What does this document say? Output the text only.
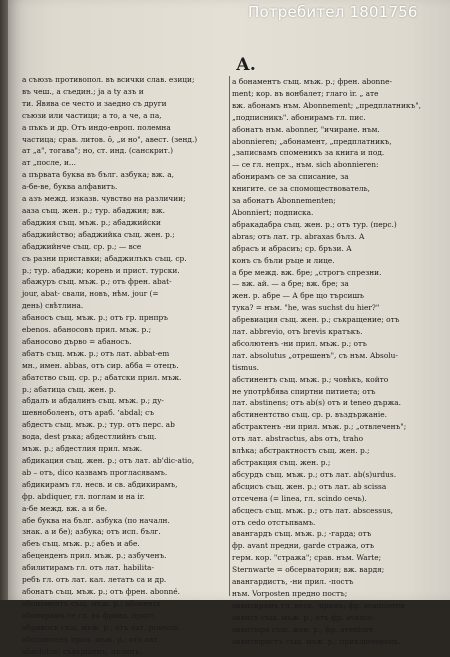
Потребител 1801756
А.
а съюзъ противопол. въ всички слав. езици;
въ чеш., а съедин.; ja а ty азъ и
ти. Явява се често и заедно съ други
съюзи или частици; а то, а че, а па,
а пъкъ и др. Отъ индо-европ. полемна
частица; срав. литов. ō, „и но", авест. (зенд.)
ат „а", тогава"; но, ст. инд. (санскрит.)
ат „после, и...
а първата буква въ бълг. азбука; вж. а,
а-бе-ве, буква алфавитъ.
а азъ межд. изказв. чувство на различии;
ааза същ. жен. р.; тур. абаджия; вж.
абаджия същ. мъж. р.; абаджийски
абаджийство; абаджийка същ. жен. р.;
абаджийнче същ. ср. р.; — все
съ разни приставки; абаджилъкъ същ. ср.
р.; тур. абаджи; корень и прист. турски.
абажуръ същ. мъж. р.; отъ френ. abat-
jour, abat- свали, новъ, нѣм. jour (=
день) свѣтлина.
абаносъ същ. мъж. р.; отъ гр. прнпръ
ebenos. абаносовъ прил. мъж. р.;
абаносово дърво = абаносъ.
абатъ същ. мъж. р.; отъ лат. abbat-em
мн., имен. abbas, отъ сир. абба = отецъ.
абатство същ. ср. р.; абатски прил. мъж.
р.; абатица същ. жен. р.
абдалъ и абдалинъ същ. мъж. р.; ду-
шевноболенъ, отъ араб. ‘abdal; съ
абдестъ същ. мъж. р.; тур. отъ перс. ab
вода, dest ръка; абдестлийнъ същ.
мъж. р.; абдестлия прил. мъж.
абдикация същ. жен. р.; отъ лат. ab'dic-atio,
ab – отъ, dico казвамъ прогласявамъ.
абдикирамъ гл. несв. и св. абдикирамъ,
фр. abdiquer, гл. поглам и на ir.
а-бе межд. вж. а и бе.
абе буква на бълг. азбука (по началн.
знак. а и бе); азбука; отъ исп. бълг.
абеъ същ. мъж. р.; абеъ и абе.
абеценденъ прил. мъж. р.; азбученъ.
абилитирамъ гл. отъ лат. habilita-
ребъ гл. отъ лат. кал. летатъ са и др.
абонатъ същ. мъж. р.; отъ френ. abonné.
абонаментъ същ. мъж. р.; абоненть
абонирамъ се гл. въ франц. прост.
абрикосъ същ. мъж. р.; отъ лат. praecox.
абсолютенъ прил. мъж. р.; отъ лат.
absolutus; съвършенъ, пъленъ.
а бонаментъ същ. мъж. р.; френ. abonne-
ment; кор. въ вонбалет; глаго ir. „ aте
вж. абонамъ нъм. Abonnement; „предплатникъ",
„подписникъ". абонирамъ гл. пис.
абонатъ нъм. abonner, "ичиранe. нъм.
abonnieren; „абонамент, „предплатникъ,
„записвамъ споменикъ за книга и под.
— се гл. непрх., нъм. sich abonnieren:
абонирамъ се за списание, за
книгите. се за спомоществователь,
за абонатъ Abonnementen;
Abonniert; подписка.
абракадабра същ. жен. р.; отъ тур. (перс.)
abras; отъ лат. гр. abraxas бълз. А
абрасъ и абрасиъ; ср. бръзи. А
конъ съ бъли ръце и лице.
а бре межд. вж. бре; „строгъ спрезни.
— вж. ай. — а бре; вж. бре; за
жен. р. абре — А бре що търсишъ
тука? = нъм. "he, was suchst du hier?"
абревиация същ. жен. р.; съкращение; отъ
лат. abbrevio, отъ brevis кратъкъ.
абсолютенъ -ни прил. мъж. р.; отъ
лат. absolutus „отрешенъ", съ нъм. Absolu-
tismus.
абстинентъ същ. мъж. р.; човѣкъ, който
не употрѣбява спиртни питиета; отъ
лат. abstinens; отъ ab(s) отъ и teneo държа.
абстинентство същ. ср. р. въздържаніе.
абстрактенъ -ни прил. мъж. р.; „отвлеченъ";
отъ лат. abstractus, abs отъ, traho
влѣка; абстрактностъ същ. жен. р.;
абстракция същ. жен. р.;
абсурдъ същ. мъж. р.; отъ лат. ab(s)urdus.
абсцисъ същ. жен. р.; отъ лат. ab scissa
отсечена (= linea, гл. scindo сечь).
абсцесъ същ. мъж. р.; отъ лат. abscessus,
отъ cedo отстъпвамъ.
авангардъ същ. мъж. р.; -гарда; отъ
фр. avant предни, garde стража, отъ
герм. кор. "стража"; срав. нъм. Warte;
Sternwarte = обсерватория; вж. вардя;
авангардистъ, -ни прил. -постъ
нъм. Vorposten предно постъ;
авансирамъ гл. несв. -ирамъ; фр. avancieren
авансъ същ. мъж. р.; отъ фр. avance.
авантюра същ. жен. р.; фр. aventure
авантюристъ същ. мъж. р.; приключенецъ.
